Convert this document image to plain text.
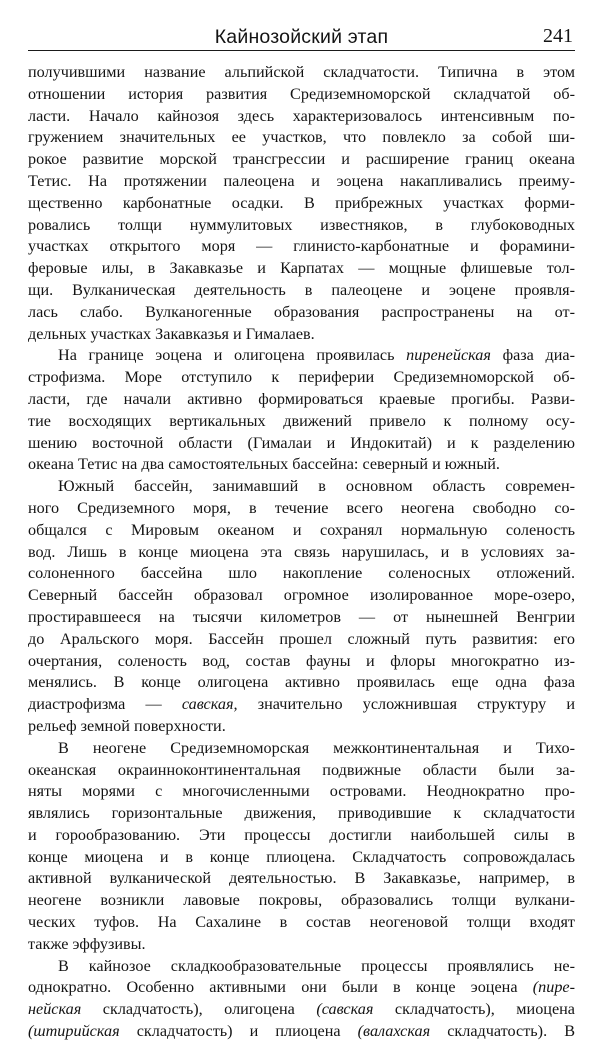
Кайнозойский этап	241
получившими название альпийской складчатости. Типична в этом
отношении история развития Средиземноморской складчатой об-
ласти. Начало кайнозоя здесь характеризовалось интенсивным по-
гружением значительных ее участков, что повлекло за собой ши-
рокое развитие морской трансгрессии и расширение границ океана
Тетис. На протяжении палеоцена и эоцена накапливались преиму-
щественно карбонатные осадки. В прибрежных участках форми-
ровались толщи нуммулитовых известняков, в глубоководных
участках открытого моря — глинисто-карбонатные и форамини-
феровые илы, в Закавказье и Карпатах — мощные флишевые тол-
щи. Вулканическая деятельность в палеоцене и эоцене проявля-
лась слабо. Вулканогенные образования распространены на от-
дельных участках Закавказья и Гималаев.
На границе эоцена и олигоцена проявилась пиренейская фаза диа-
строфизма. Море отступило к периферии Средиземноморской об-
ласти, где начали активно формироваться краевые прогибы. Разви-
тие восходящих вертикальных движений привело к полному осу-
шению восточной области (Гималаи и Индокитай) и к разделению
океана Тетис на два самостоятельных бассейна: северный и южный.
Южный бассейн, занимавший в основном область современ-
ного Средиземного моря, в течение всего неогена свободно со-
общался с Мировым океаном и сохранял нормальную соленость
вод. Лишь в конце миоцена эта связь нарушилась, и в условиях за-
солоненного бассейна шло накопление соленосных отложений.
Северный бассейн образовал огромное изолированное море-озеро,
простиравшееся на тысячи километров — от нынешней Венгрии
до Аральского моря. Бассейн прошел сложный путь развития: его
очертания, соленость вод, состав фауны и флоры многократно из-
менялись. В конце олигоцена активно проявилась еще одна фаза
диастрофизма — савская, значительно усложнившая структуру и
рельеф земной поверхности.
В неогене Средиземноморская межконтинентальная и Тихо-
океанская окраинноконтинентальная подвижные области были за-
няты морями с многочисленными островами. Неоднократно про-
являлись горизонтальные движения, приводившие к складчатости
и горообразованию. Эти процессы достигли наибольшей силы в
конце миоцена и в конце плиоцена. Складчатость сопровождалась
активной вулканической деятельностью. В Закавказье, например, в
неогене возникли лавовые покровы, образовались толщи вулкани-
ческих туфов. На Сахалине в состав неогеновой толщи входят
также эффузивы.
В кайнозое складкообразовательные процессы проявлялись не-
однократно. Особенно активными они были в конце эоцена (пире-
нейская складчатость), олигоцена (савская складчатость), миоцена
(штирийская складчатость) и плиоцена (валахская складчатость). В
